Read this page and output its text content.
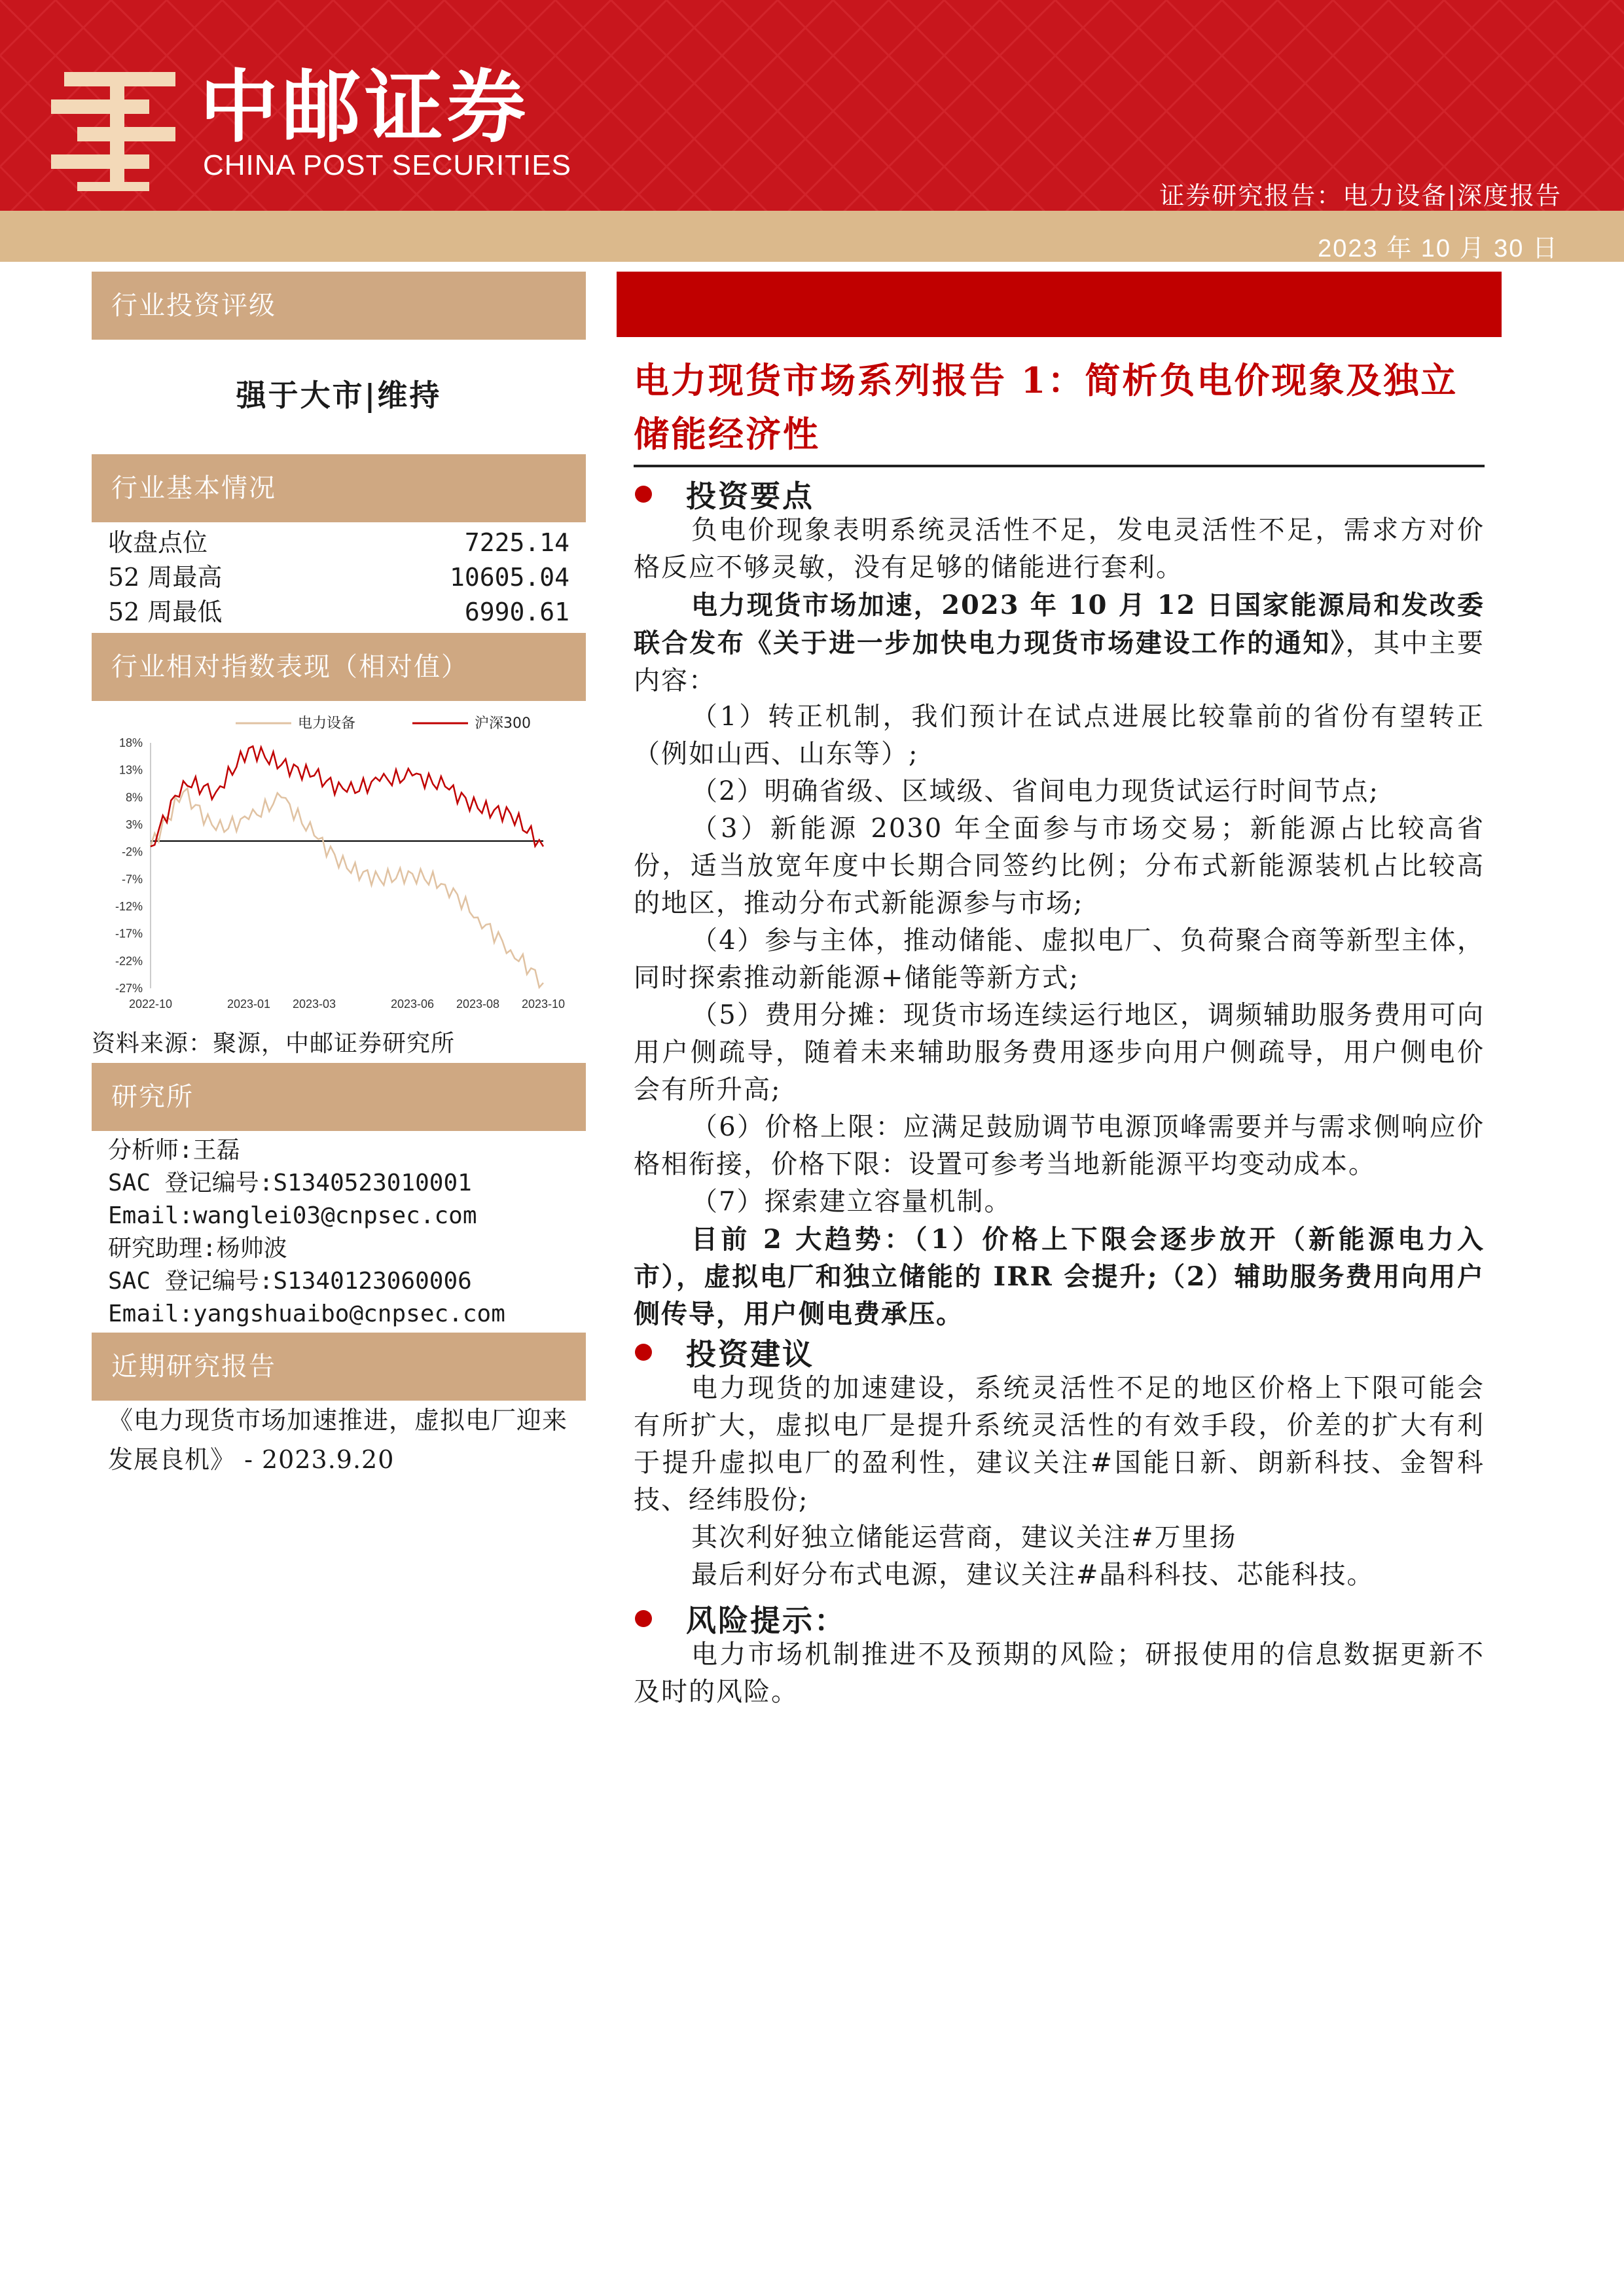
中邮证券
CHINA POST SECURITIES
证券研究报告：电力设备|深度报告
2023 年 10 月 30 日
行业投资评级
强于大市|维持
行业基本情况
收盘点位	7225.14
52 周最高	10605.04
52 周最低	6990.61
行业相对指数表现（相对值）
电力设备	沪深300
18%
13%
8%
3%
-2%
-7%
-12%
-17%
-22%
-27%
2022-10	2023-01 2023-03	2023-06 2023-08 2023-10
资料来源：聚源，中邮证券研究所
研究所
分析师:王磊
SAC 登记编号:S1340523010001
Email:wanglei03@cnpsec.com
研究助理:杨帅波
SAC 登记编号:S1340123060006
Email:yangshuaibo@cnpsec.com
近期研究报告
《电力现货市场加速推进，虚拟电厂迎来发展良机》 - 2023.9.20
电力现货市场系列报告 1：简析负电价现象及独立储能经济性
投资要点
负电价现象表明系统灵活性不足，发电灵活性不足，需求方对价格反应不够灵敏，没有足够的储能进行套利。
电力现货市场加速，2023 年 10 月 12 日国家能源局和发改委联合发布《关于进一步加快电力现货市场建设工作的通知》，其中主要内容：
（1）转正机制，我们预计在试点进展比较靠前的省份有望转正（例如山西、山东等）;
（2）明确省级、区域级、省间电力现货试运行时间节点;
（3）新能源 2030 年全面参与市场交易；新能源占比较高省份，适当放宽年度中长期合同签约比例；分布式新能源装机占比较高的地区，推动分布式新能源参与市场;
（4）参与主体，推动储能、虚拟电厂、负荷聚合商等新型主体，同时探索推动新能源+储能等新方式;
（5）费用分摊：现货市场连续运行地区，调频辅助服务费用可向用户侧疏导，随着未来辅助服务费用逐步向用户侧疏导，用户侧电价会有所升高;
（6）价格上限：应满足鼓励调节电源顶峰需要并与需求侧响应价格相衔接，价格下限：设置可参考当地新能源平均变动成本。
（7）探索建立容量机制。
目前 2 大趋势：（1）价格上下限会逐步放开（新能源电力入市），虚拟电厂和独立储能的 IRR 会提升;（2）辅助服务费用向用户侧传导，用户侧电费承压。
投资建议
电力现货的加速建设，系统灵活性不足的地区价格上下限可能会有所扩大，虚拟电厂是提升系统灵活性的有效手段，价差的扩大有利于提升虚拟电厂的盈利性，建议关注#国能日新、朗新科技、金智科技、经纬股份;
其次利好独立储能运营商，建议关注#万里扬
最后利好分布式电源，建议关注#晶科科技、芯能科技。
风险提示：
电力市场机制推进不及预期的风险；研报使用的信息数据更新不及时的风险。
